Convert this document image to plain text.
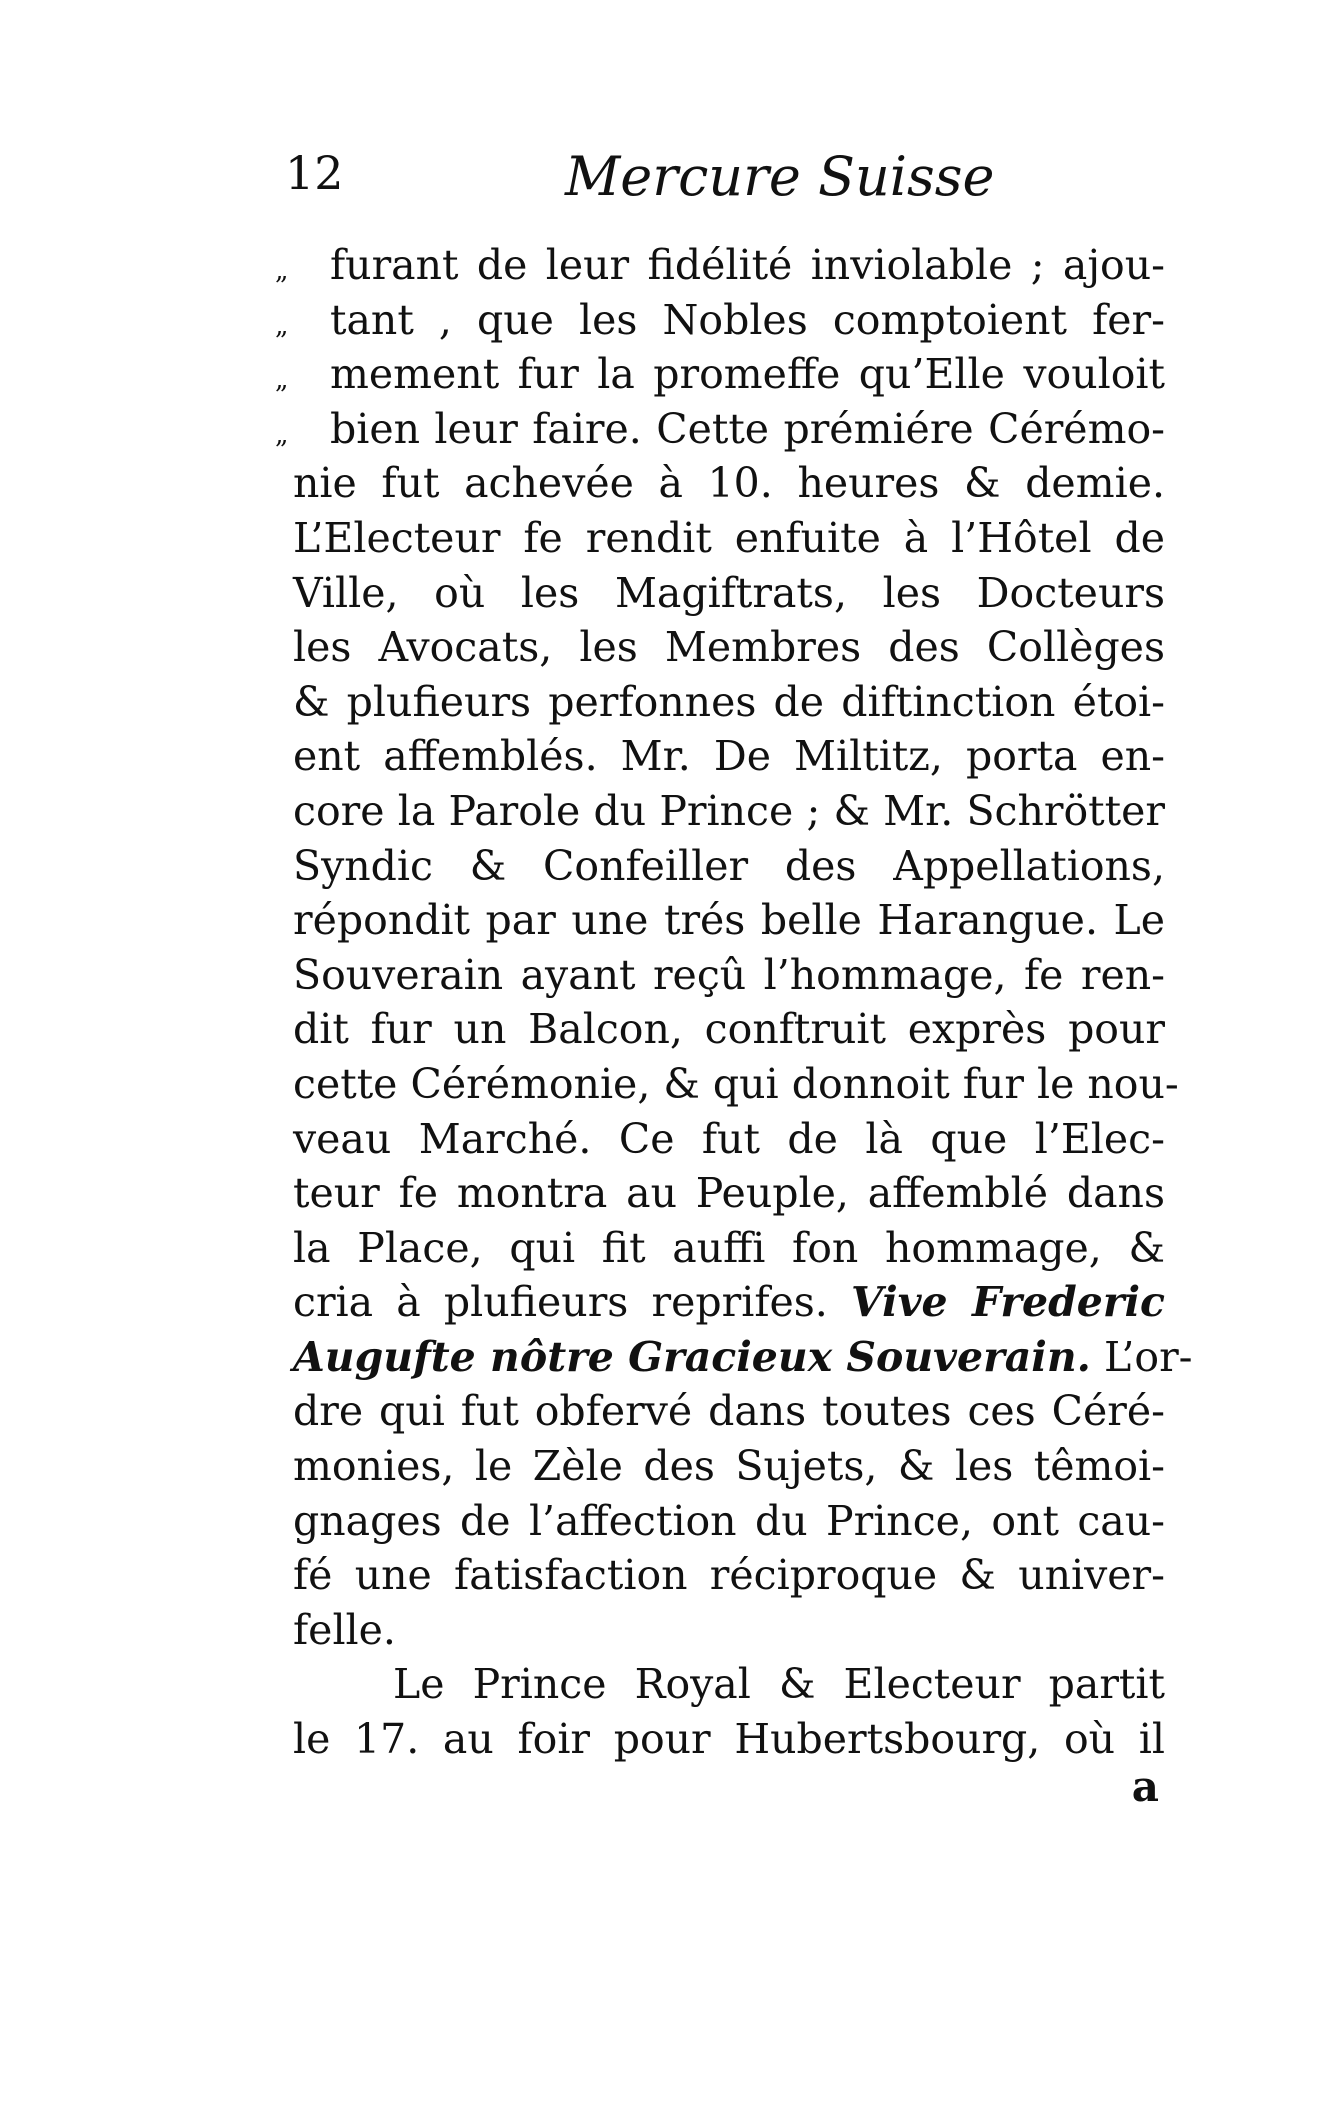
12	Mercure Suisse
„	furant de leur fidélité inviolable ; ajou-
„	tant , que les Nobles comptoient fer-
„	mement fur la promeffe qu’Elle vouloit
„	bien leur faire. Cette prémiére Cérémo-
nie fut achevée à 10. heures & demie.
L’Electeur fe rendit enfuite à l’Hôtel de
Ville, où les Magiftrats, les Docteurs
les Avocats, les Membres des Collèges
& plufieurs perfonnes de diftinction étoi-
ent affemblés. Mr. De Miltitz, porta en-
core la Parole du Prince ; & Mr. Schrötter
Syndic & Confeiller des Appellations,
répondit par une trés belle Harangue. Le
Souverain ayant reçû l’hommage, fe ren-
dit fur un Balcon, conftruit exprès pour
cette Cérémonie, & qui donnoit fur le nou-
veau Marché. Ce fut de là que l’Elec-
teur fe montra au Peuple, affemblé dans
la Place, qui fit auffi fon hommage, &
cria à plufieurs reprifes. Vive Frederic
Augufte nôtre Gracieux Souverain. L’or-
dre qui fut obfervé dans toutes ces Céré-
monies, le Zèle des Sujets, & les têmoi-
gnages de l’affection du Prince, ont cau-
fé une fatisfaction réciproque & univer-
felle.
Le Prince Royal & Electeur partit
le 17. au foir pour Hubertsbourg, où il
a
